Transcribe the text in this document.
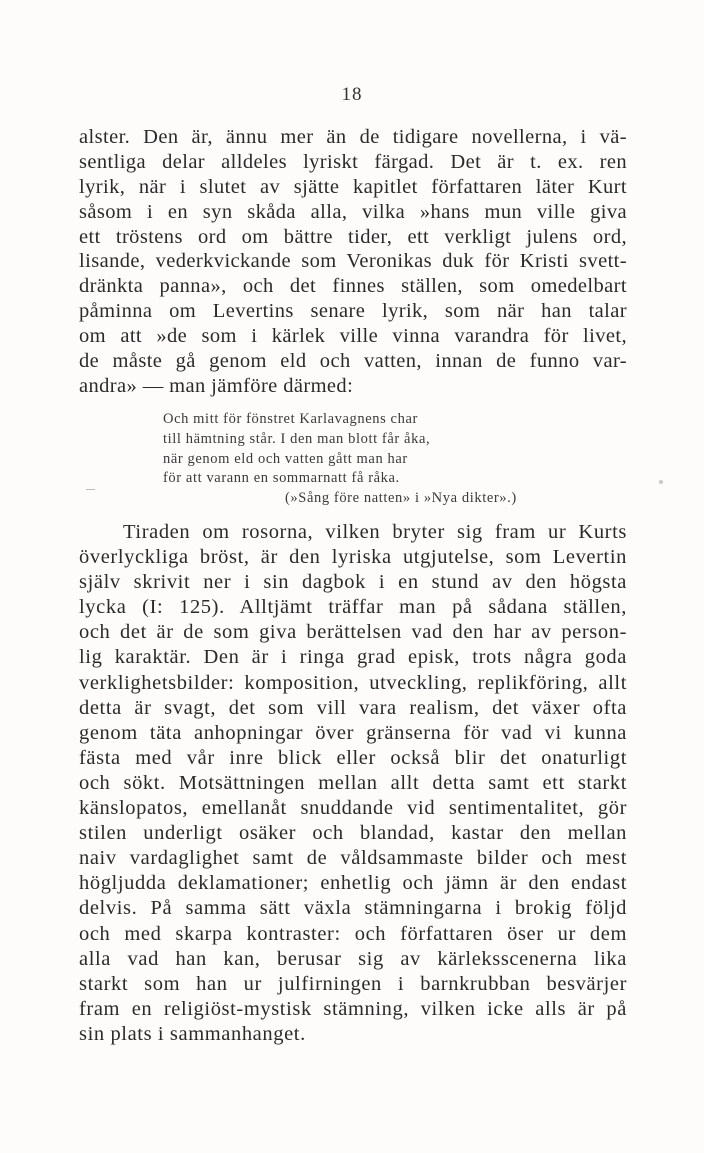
18
alster. Den är, ännu mer än de tidigare novellerna, i vä-
sentliga delar alldeles lyriskt färgad. Det är t. ex. ren
lyrik, när i slutet av sjätte kapitlet författaren läter Kurt
såsom i en syn skåda alla, vilka »hans mun ville giva
ett tröstens ord om bättre tider, ett verkligt julens ord,
lisande, vederkvickande som Veronikas duk för Kristi svett-
dränkta panna», och det finnes ställen, som omedelbart
påminna om Levertins senare lyrik, som när han talar
om att »de som i kärlek ville vinna varandra för livet,
de måste gå genom eld och vatten, innan de funno var-
andra» — man jämföre därmed:
Och mitt för fönstret Karlavagnens char
till hämtning står. I den man blott får åka,
när genom eld och vatten gått man har
för att varann en sommarnatt få råka.
(»Sång före natten» i »Nya dikter».)
Tiraden om rosorna, vilken bryter sig fram ur Kurts
överlyckliga bröst, är den lyriska utgjutelse, som Levertin
själv skrivit ner i sin dagbok i en stund av den högsta
lycka (I: 125). Alltjämt träffar man på sådana ställen,
och det är de som giva berättelsen vad den har av person-
lig karaktär. Den är i ringa grad episk, trots några goda
verklighetsbilder: komposition, utveckling, replikföring, allt
detta är svagt, det som vill vara realism, det växer ofta
genom täta anhopningar över gränserna för vad vi kunna
fästa med vår inre blick eller också blir det onaturligt
och sökt. Motsättningen mellan allt detta samt ett starkt
känslopatos, emellanåt snuddande vid sentimentalitet, gör
stilen underligt osäker och blandad, kastar den mellan
naiv vardaglighet samt de våldsammaste bilder och mest
högljudda deklamationer; enhetlig och jämn är den endast
delvis. På samma sätt växla stämningarna i brokig följd
och med skarpa kontraster: och författaren öser ur dem
alla vad han kan, berusar sig av kärleksscenerna lika
starkt som han ur julfirningen i barnkrubban besvärjer
fram en religiöst-mystisk stämning, vilken icke alls är på
sin plats i sammanhanget.
